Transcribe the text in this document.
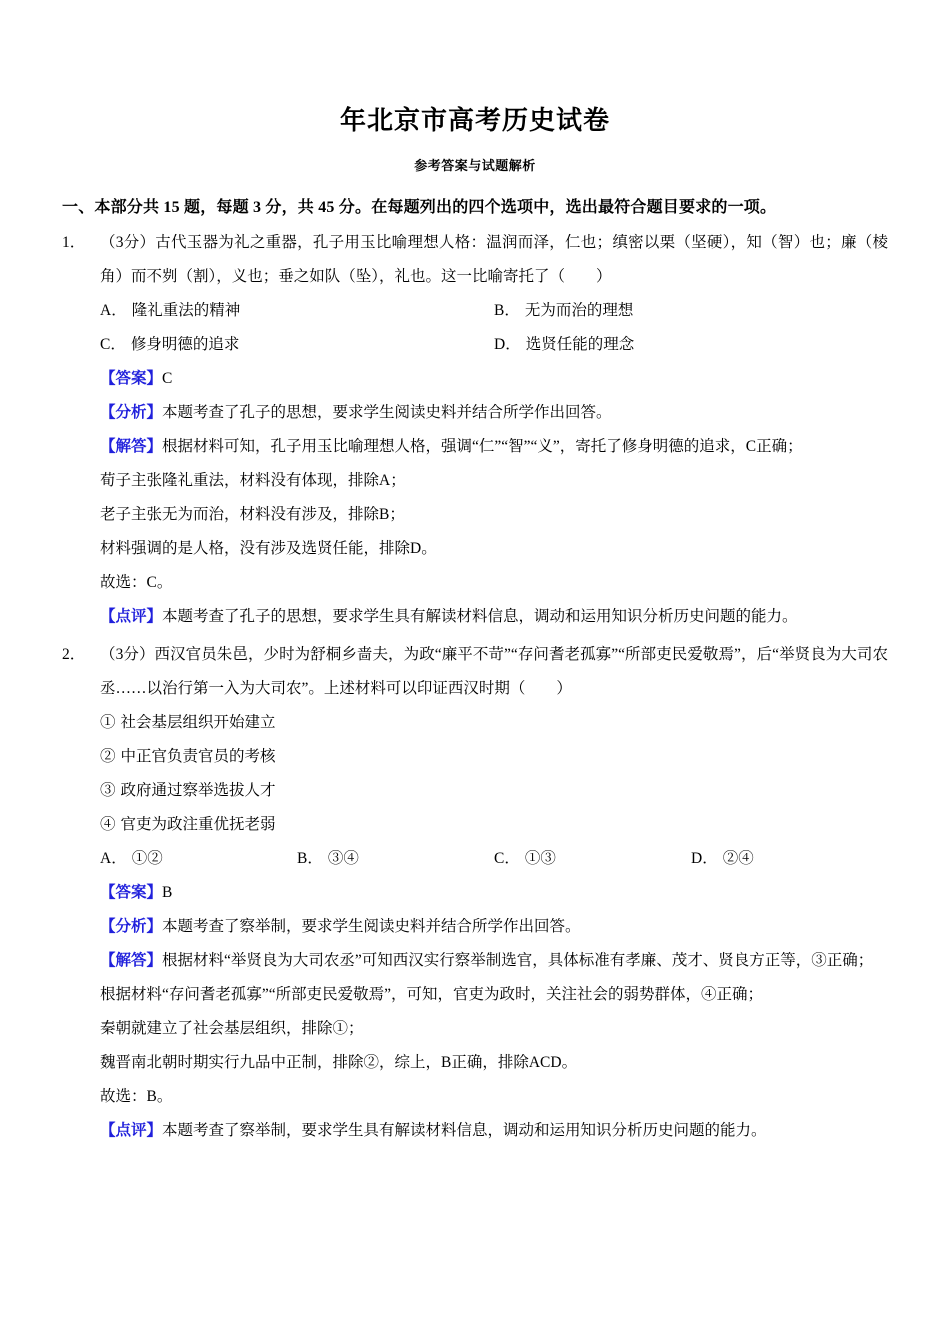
年北京市高考历史试卷
参考答案与试题解析
一、本部分共 15 题，每题 3 分，共 45 分。在每题列出的四个选项中，选出最符合题目要求的一项。
1． （3分）古代玉器为礼之重器，孔子用玉比喻理想人格：温润而泽，仁也；缜密以栗（坚硬），知（智）也；廉（棱角）而不刿（割），义也；垂之如队（坠），礼也。这一比喻寄托了（　　）
A． 隆礼重法的精神	B． 无为而治的理想
C． 修身明德的追求	D． 选贤任能的理念
【答案】C
【分析】本题考查了孔子的思想，要求学生阅读史料并结合所学作出回答。
【解答】根据材料可知，孔子用玉比喻理想人格，强调“仁”“智”“义”，寄托了修身明德的追求，C正确；
荀子主张隆礼重法，材料没有体现，排除A；
老子主张无为而治，材料没有涉及，排除B；
材料强调的是人格，没有涉及选贤任能，排除D。
故选：C。
【点评】本题考查了孔子的思想，要求学生具有解读材料信息，调动和运用知识分析历史问题的能力。
2． （3分）西汉官员朱邑，少时为舒桐乡啬夫，为政“廉平不苛”“存问耆老孤寡”“所部吏民爱敬焉”，后“举贤良为大司农丞……以治行第一入为大司农”。上述材料可以印证西汉时期（　　）
① 社会基层组织开始建立
② 中正官负责官员的考核
③ 政府通过察举选拔人才
④ 官吏为政注重优抚老弱
A． ①②	B． ③④	C． ①③	D． ②④
【答案】B
【分析】本题考查了察举制，要求学生阅读史料并结合所学作出回答。
【解答】根据材料“举贤良为大司农丞”可知西汉实行察举制选官，具体标准有孝廉、茂才、贤良方正等，③正确；
根据材料“存问耆老孤寡”“所部吏民爱敬焉”，可知，官吏为政时，关注社会的弱势群体，④正确；
秦朝就建立了社会基层组织，排除①；
魏晋南北朝时期实行九品中正制，排除②，综上，B正确，排除ACD。
故选：B。
【点评】本题考查了察举制，要求学生具有解读材料信息，调动和运用知识分析历史问题的能力。
